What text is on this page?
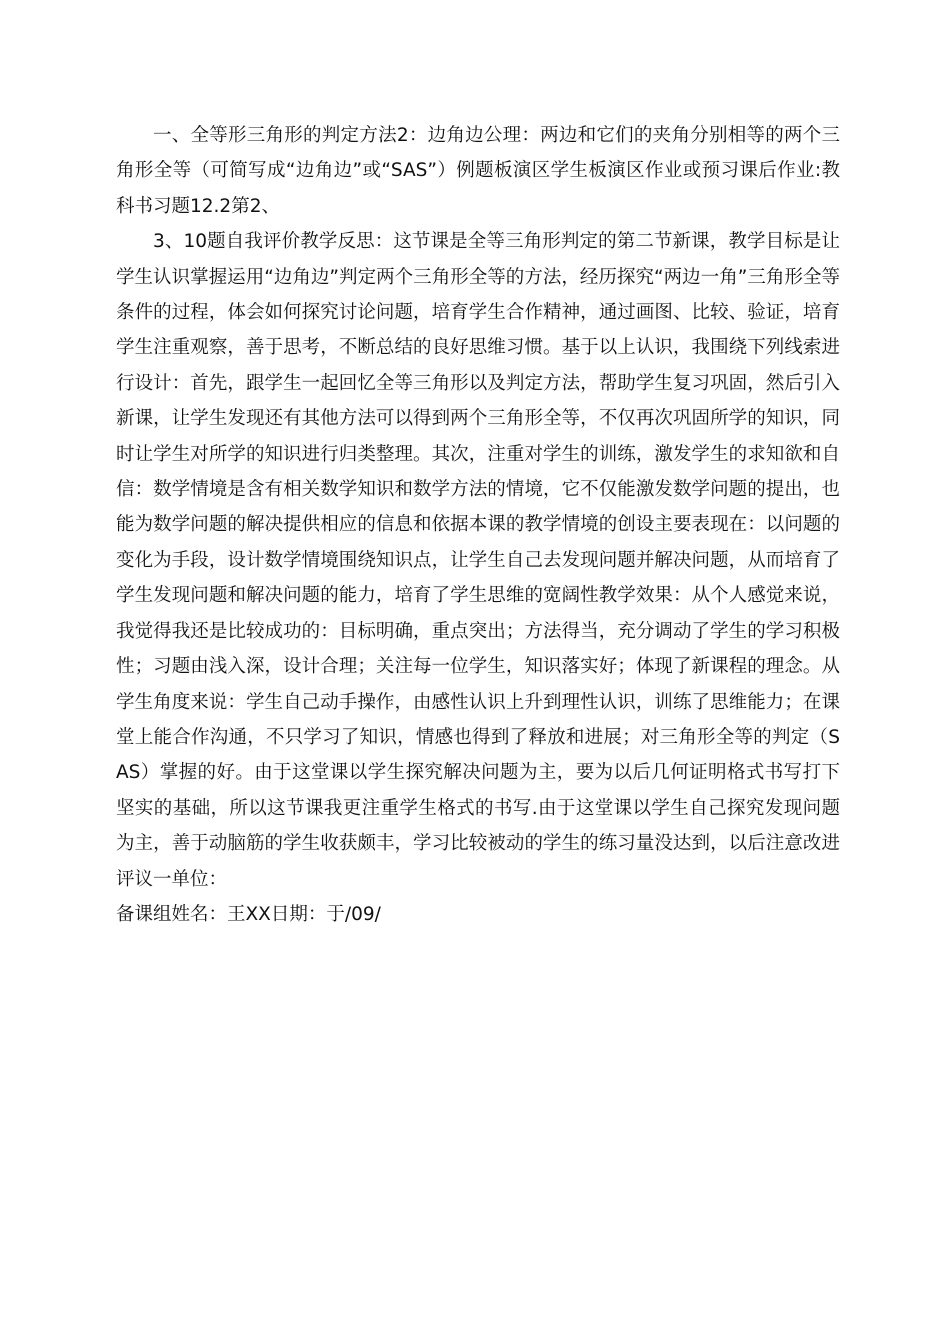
一、全等形三角形的判定方法2：边角边公理：两边和它们的夹角分别相等的两个三角形全等（可简写成“边角边”或“SAS”）例题板演区学生板演区作业或预习课后作业:教科书习题12.2第2、

3、10题自我评价教学反思：这节课是全等三角形判定的第二节新课，教学目标是让学生认识掌握运用“边角边”判定两个三角形全等的方法，经历探究“两边一角”三角形全等条件的过程，体会如何探究讨论问题，培育学生合作精神，通过画图、比较、验证，培育学生注重观察，善于思考，不断总结的良好思维习惯。基于以上认识，我围绕下列线索进行设计：首先，跟学生一起回忆全等三角形以及判定方法，帮助学生复习巩固，然后引入新课，让学生发现还有其他方法可以得到两个三角形全等，不仅再次巩固所学的知识，同时让学生对所学的知识进行归类整理。其次，注重对学生的训练，激发学生的求知欲和自信：数学情境是含有相关数学知识和数学方法的情境，它不仅能激发数学问题的提出，也能为数学问题的解决提供相应的信息和依据本课的教学情境的创设主要表现在：以问题的变化为手段，设计数学情境围绕知识点，让学生自己去发现问题并解决问题，从而培育了学生发现问题和解决问题的能力，培育了学生思维的宽阔性教学效果：从个人感觉来说，我觉得我还是比较成功的：目标明确，重点突出；方法得当，充分调动了学生的学习积极性；习题由浅入深，设计合理；关注每一位学生，知识落实好；体现了新课程的理念。从学生角度来说：学生自己动手操作，由感性认识上升到理性认识，训练了思维能力；在课堂上能合作沟通，不只学习了知识，情感也得到了释放和进展；对三角形全等的判定（SAS）掌握的好。由于这堂课以学生探究解决问题为主，要为以后几何证明格式书写打下坚实的基础，所以这节课我更注重学生格式的书写.由于这堂课以学生自己探究发现问题为主，善于动脑筋的学生收获颇丰，学习比较被动的学生的练习量没达到，以后注意改进评议一单位：

备课组姓名：王XX日期：于/09/
